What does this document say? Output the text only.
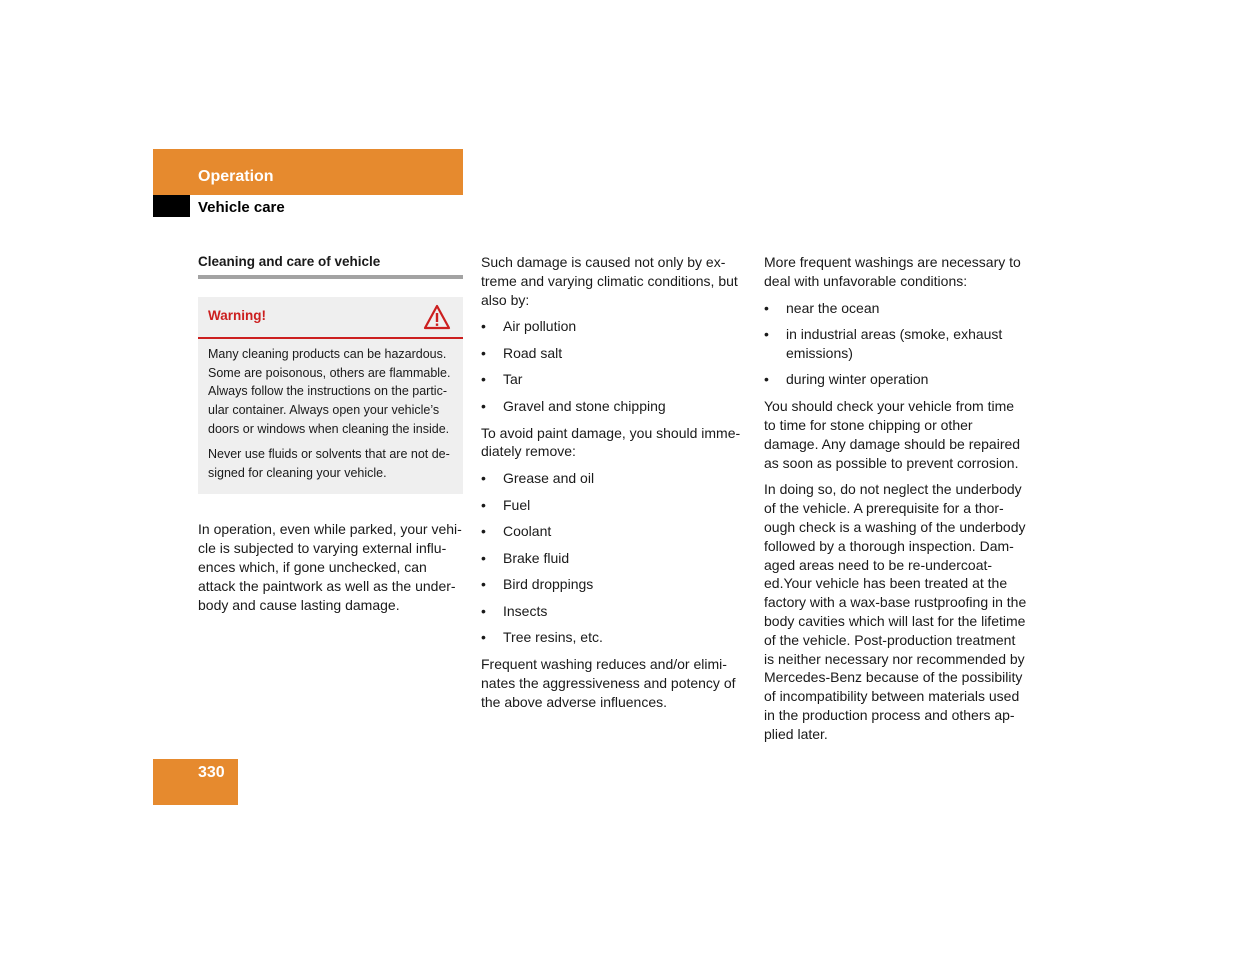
Operation
Vehicle care
Cleaning and care of vehicle
Warning!

Many cleaning products can be hazardous. Some are poisonous, others are flammable. Always follow the instructions on the partic-ular container. Always open your vehicle’s doors or windows when cleaning the inside.

Never use fluids or solvents that are not de-signed for cleaning your vehicle.

In operation, even while parked, your vehi-cle is subjected to varying external influ-ences which, if gone unchecked, can attack the paintwork as well as the under-body and cause lasting damage.

Such damage is caused not only by ex-treme and varying climatic conditions, but also by:

• Air pollution
• Road salt
• Tar
• Gravel and stone chipping

To avoid paint damage, you should imme-diately remove:

• Grease and oil
• Fuel
• Coolant
• Brake fluid
• Bird droppings
• Insects
• Tree resins, etc.

Frequent washing reduces and/or elimi-nates the aggressiveness and potency of the above adverse influences.

More frequent washings are necessary to deal with unfavorable conditions:

• near the ocean
• in industrial areas (smoke, exhaust emissions)
• during winter operation

You should check your vehicle from time to time for stone chipping or other damage. Any damage should be repaired as soon as possible to prevent corrosion.

In doing so, do not neglect the underbody of the vehicle. A prerequisite for a thor-ough check is a washing of the underbody followed by a thorough inspection. Dam-aged areas need to be re-undercoat-ed.Your vehicle has been treated at the factory with a wax-base rustproofing in the body cavities which will last for the lifetime of the vehicle. Post-production treatment is neither necessary nor recommended by Mercedes-Benz because of the possibility of incompatibility between materials used in the production process and others ap-plied later.

330
